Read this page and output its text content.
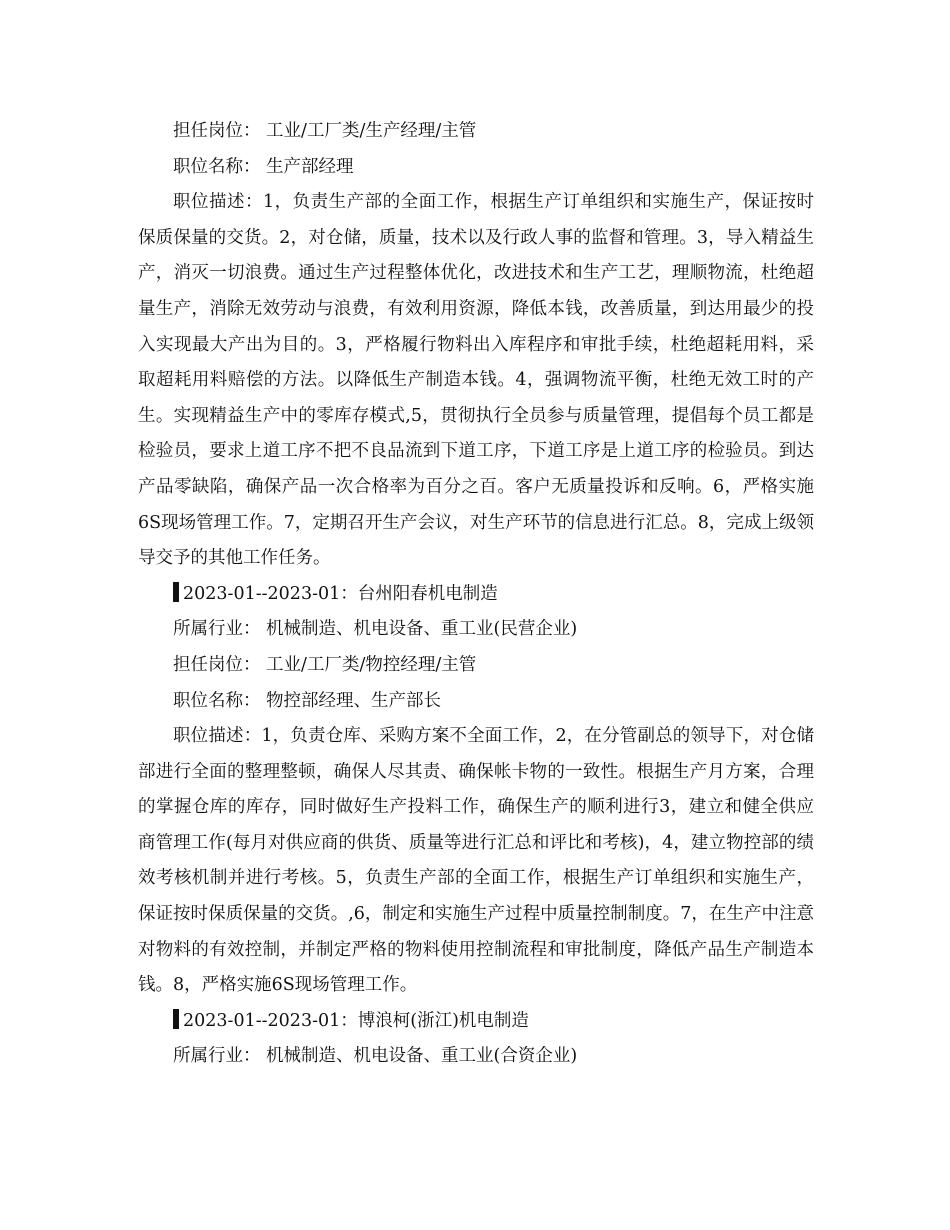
担任岗位： 工业/工厂类/生产经理/主管

职位名称： 生产部经理

职位描述：1，负责生产部的全面工作，根据生产订单组织和实施生产，保证按时保质保量的交货。2，对仓储，质量，技术以及行政人事的监督和管理。3，导入精益生产，消灭一切浪费。通过生产过程整体优化，改进技术和生产工艺，理顺物流，杜绝超量生产，消除无效劳动与浪费，有效利用资源，降低本钱，改善质量，到达用最少的投入实现最大产出为目的。3，严格履行物料出入库程序和审批手续，杜绝超耗用料，采取超耗用料赔偿的方法。以降低生产制造本钱。4，强调物流平衡，杜绝无效工时的产生。实现精益生产中的零库存模式,5，贯彻执行全员参与质量管理，提倡每个员工都是检验员，要求上道工序不把不良品流到下道工序，下道工序是上道工序的检验员。到达产品零缺陷，确保产品一次合格率为百分之百。客户无质量投诉和反响。6，严格实施6S现场管理工作。7，定期召开生产会议，对生产环节的信息进行汇总。8，完成上级领导交予的其他工作任务。

2023-01--2023-01：台州阳春机电制造

所属行业： 机械制造、机电设备、重工业(民营企业)

担任岗位： 工业/工厂类/物控经理/主管

职位名称： 物控部经理、生产部长

职位描述：1，负责仓库、采购方案不全面工作，2，在分管副总的领导下，对仓储部进行全面的整理整顿，确保人尽其责、确保帐卡物的一致性。根据生产月方案，合理的掌握仓库的库存，同时做好生产投料工作，确保生产的顺利进行3，建立和健全供应商管理工作(每月对供应商的供货、质量等进行汇总和评比和考核)，4，建立物控部的绩效考核机制并进行考核。5，负责生产部的全面工作，根据生产订单组织和实施生产，保证按时保质保量的交货。,6，制定和实施生产过程中质量控制制度。7，在生产中注意对物料的有效控制，并制定严格的物料使用控制流程和审批制度，降低产品生产制造本钱。8，严格实施6S现场管理工作。

2023-01--2023-01：博浪柯(浙江)机电制造

所属行业： 机械制造、机电设备、重工业(合资企业)
